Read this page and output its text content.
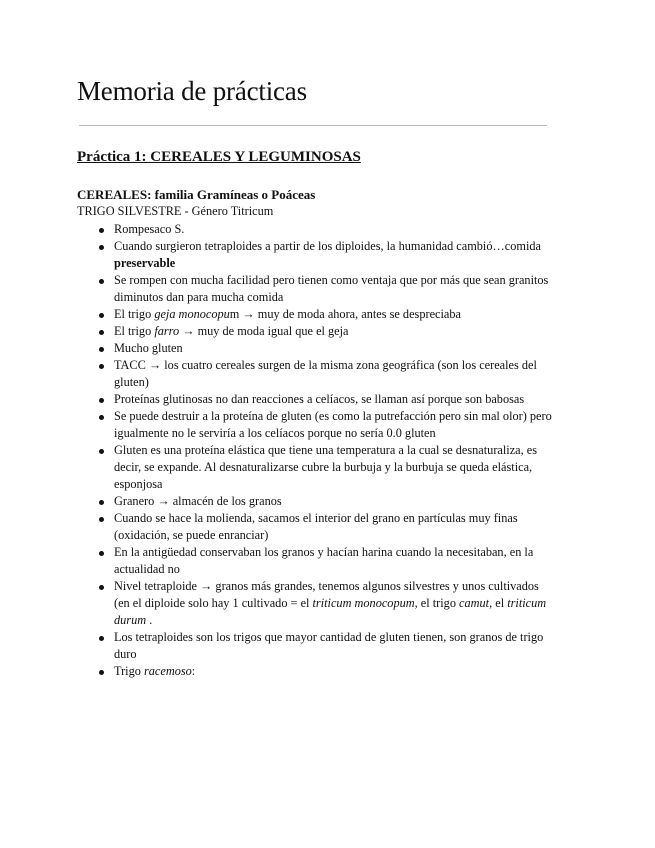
Memoria de prácticas
Práctica 1: CEREALES Y LEGUMINOSAS
CEREALES: familia Gramíneas o Poáceas

TRIGO SILVESTRE - Género Titricum

Rompesaco S.
Cuando surgieron tetraploides a partir de los diploides, la humanidad cambió…comida preservable
Se rompen con mucha facilidad pero tienen como ventaja que por más que sean granitos diminutos dan para mucha comida
El trigo geja monocopum → muy de moda ahora, antes se despreciaba
El trigo farro → muy de moda igual que el geja
Mucho gluten
TACC → los cuatro cereales surgen de la misma zona geográfica (son los cereales del gluten)
Proteínas glutinosas no dan reacciones a celíacos, se llaman así porque son babosas
Se puede destruir a la proteína de gluten (es como la putrefacción pero sin mal olor) pero igualmente no le serviría a los celíacos porque no sería 0.0 gluten
Gluten es una proteína elástica que tiene una temperatura a la cual se desnaturaliza, es decir, se expande. Al desnaturalizarse cubre la burbuja y la burbuja se queda elástica, esponjosa
Granero → almacén de los granos
Cuando se hace la molienda, sacamos el interior del grano en partículas muy finas (oxidación, se puede enranciar)
En la antigüedad conservaban los granos y hacían harina cuando la necesitaban, en la actualidad no
Nivel tetraploide → granos más grandes, tenemos algunos silvestres y unos cultivados (en el diploide solo hay 1 cultivado = el triticum monocopum, el trigo camut, el triticum durum .
Los tetraploides son los trigos que mayor cantidad de gluten tienen, son granos de trigo duro
Trigo racemoso:
